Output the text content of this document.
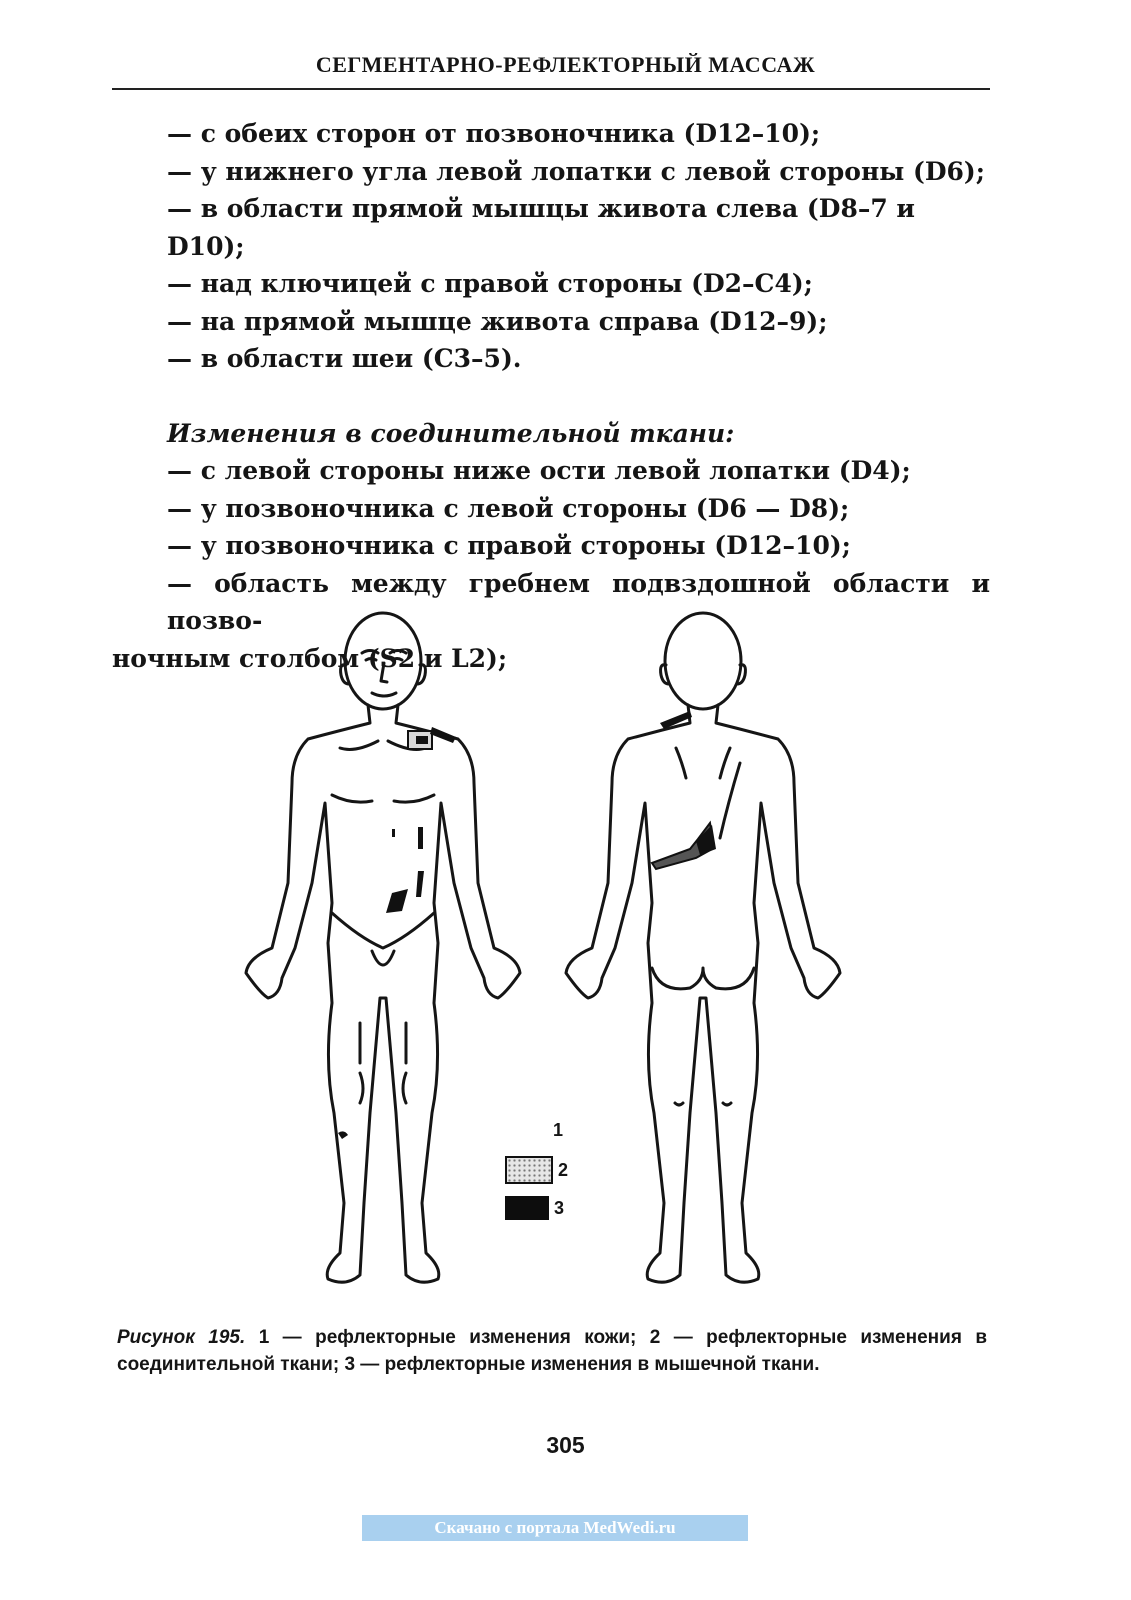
СЕГМЕНТАРНО-РЕФЛЕКТОРНЫЙ МАССАЖ

— с обеих сторон от позвоночника (D12–10);

— у нижнего угла левой лопатки с левой стороны (D6);

— в области прямой мышцы живота слева (D8–7 и D10);

— над ключицей с правой стороны (D2–C4);

— на прямой мышце живота справа (D12–9);

— в области шеи (C3–5).

Изменения в соединительной ткани:

— с левой стороны ниже ости левой лопатки (D4);

— у позвоночника с левой стороны (D6 — D8);

— у позвоночника с правой стороны (D12–10);

— область между гребнем подвздошной области и позво-

ночным столбом (S2 и L2);

1
2
3
Рисунок 195. 1 — рефлекторные изменения кожи; 2 — рефлекторные изменения в соединительной ткани; 3 — рефлекторные изменения в мышечной ткани.
305
Скачано с портала MedWedi.ru
